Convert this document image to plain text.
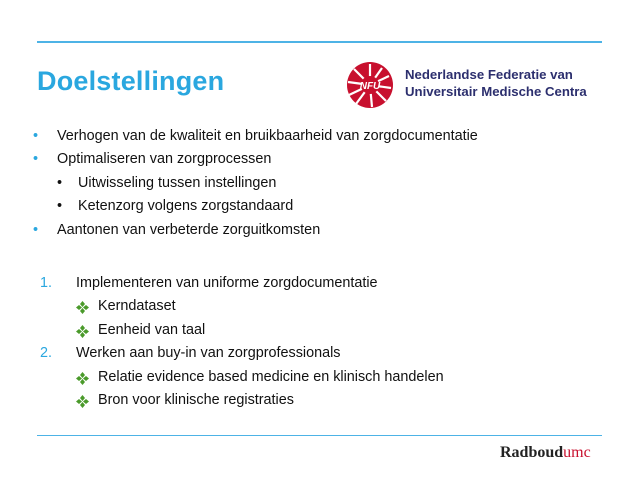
Doelstellingen	NFU
Nederlandse Federatie van
Universitair Medische Centra
• Verhogen van de kwaliteit en bruikbaarheid van zorgdocumentatie
• Optimaliseren van zorgprocessen
• Uitwisseling tussen instellingen
• Ketenzorg volgens zorgstandaard
• Aantonen van verbeterde zorguitkomsten
1. Implementeren van uniforme zorgdocumentatie
Kerndataset
Eenheid van taal
2. Werken aan buy-in van zorgprofessionals
Relatie evidence based medicine en klinisch handelen
Bron voor klinische registraties
Radboudumc
